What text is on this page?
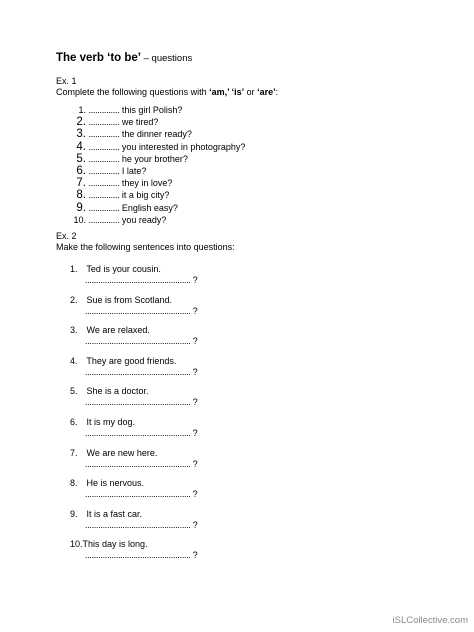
The verb ‘to be’ – questions
Ex. 1
Complete the following questions with ‘am,’ ‘is’ or ‘are’:
1. .............. this girl Polish?
2. .............. we tired?
3. .............. the dinner ready?
4. .............. you interested in photography?
5. .............. he your brother?
6. .............. I late?
7. .............. they in love?
8. .............. it a big city?
9. .............. English easy?
10. .............. you ready?
Ex. 2
Make the following sentences into questions:
1. Ted is your cousin.
................................................ ?
2. Sue is from Scotland.
................................................ ?
3. We are relaxed.
................................................ ?
4. They are good friends.
................................................ ?
5. She is a doctor.
................................................ ?
6. It is my dog.
................................................ ?
7. We are new here.
................................................ ?
8. He is nervous.
................................................ ?
9. It is a fast car.
................................................ ?
10.This day is long.
................................................ ?
iSLCollective.com
